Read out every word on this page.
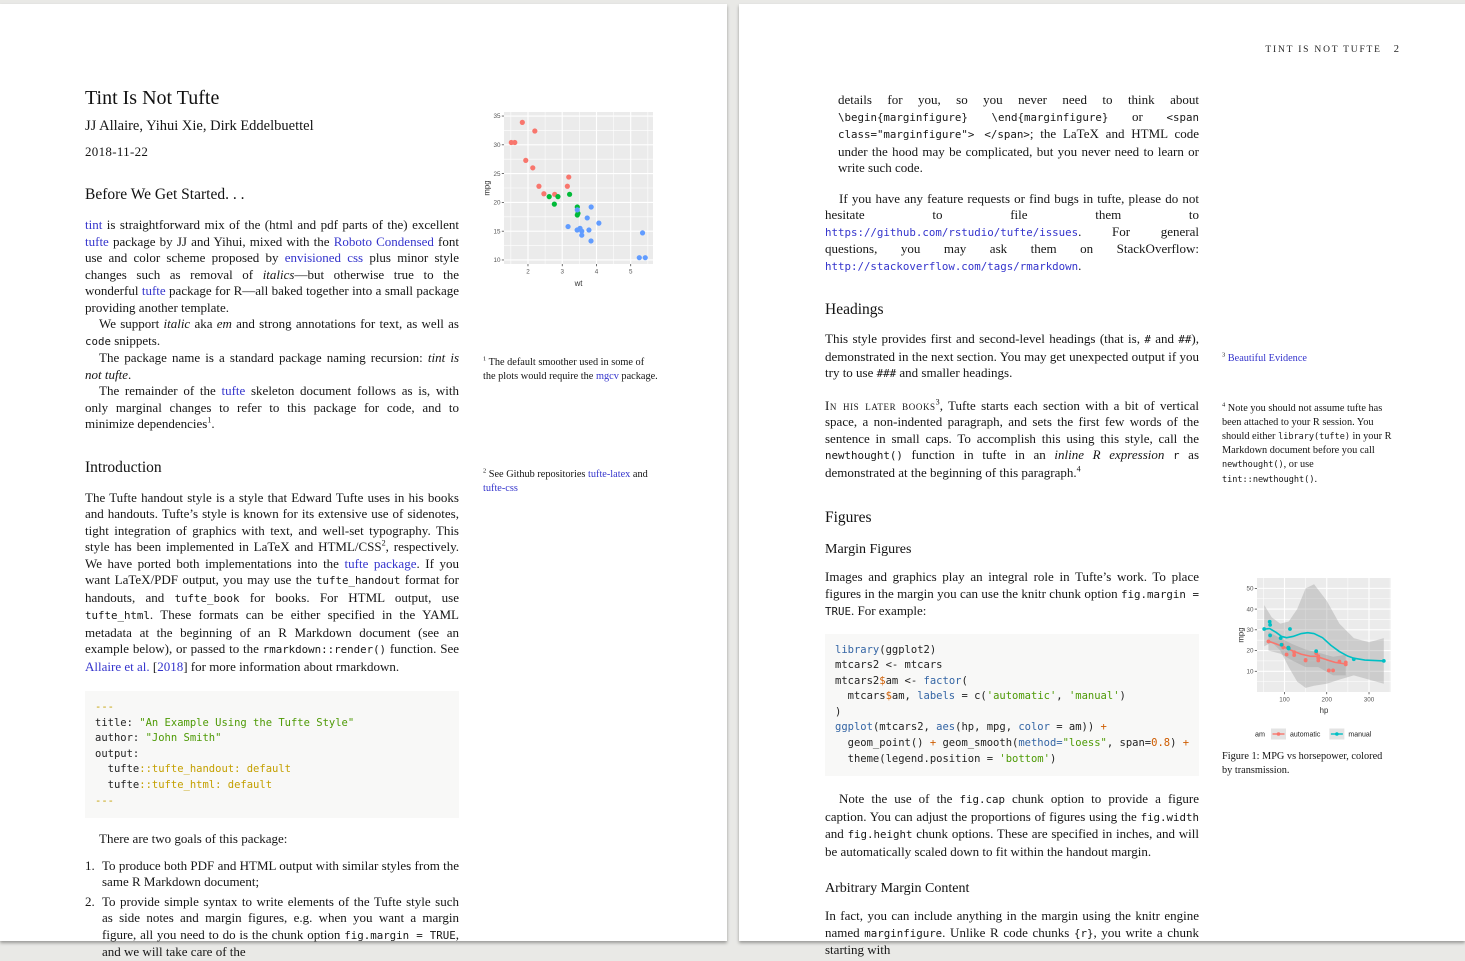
Tint Is Not Tufte
JJ Allaire, Yihui Xie, Dirk Eddelbuettel
2018-11-22
Before We Get Started. . .

tint is straightforward mix of the (html and pdf parts of the) excellent tufte package by JJ and Yihui, mixed with the Roboto Condensed font use and color scheme proposed by envisioned css plus minor style changes such as removal of italics—but otherwise true to the wonderful tufte package for R—all baked together into a small package providing another template.

We support italic aka em and strong annotations for text, as well as code snippets.

The package name is a standard package naming recursion: tint is not tufte.

The remainder of the tufte skeleton document follows as is, with only marginal changes to refer to this package for code, and to minimize dependencies$^1$.

Introduction

The Tufte handout style is a style that Edward Tufte uses in his books and handouts. Tufte’s style is known for its extensive use of sidenotes, tight integration of graphics with text, and well-set typography. This style has been implemented in LaTeX and HTML/CSS$^2$, respectively. We have ported both implementations into the tufte package. If you want LaTeX/PDF output, you may use the tufte_handout format for handouts, and tufte_book for books. For HTML output, use tufte_html. These formats can be either specified in the YAML metadata at the beginning of an R Markdown document (see an example below), or passed to the rmarkdown::render() function. See Allaire et al. [2018] for more information about rmarkdown.

---
title: "An Example Using the Tufte Style"
author: "John Smith"
output:
tufte::tufte_handout: default
tufte::tufte_html: default
---

There are two goals of this package:

1. To produce both PDF and HTML output with similar styles from the same R Markdown document;
2. To provide simple syntax to write elements of the Tufte style such as side notes and margin figures, e.g. when you want a margin figure, all you need to do is the chunk option fig.margin = TRUE, and we will take care of the
2	3	4	5
10
15
20
25
30
35
wt
mpg
$^1$ The default smoother used in some of the plots would require the mgcv package.
$^2$ See Github repositories tufte-latex and tufte-css
TINT IS NOT TUFTE 2

details for you, so you never need to think about \begin{marginfigure} \end{marginfigure} or <span class="marginfigure"> </span>; the LaTeX and HTML code under the hood may be complicated, but you never need to learn or write such code.

If you have any feature requests or find bugs in tufte, please do not hesitate to file them to https://github.com/rstudio/tufte/issues. For general questions, you may ask them on StackOverflow: http://stackoverflow.com/tags/rmarkdown.

Headings

This style provides first and second-level headings (that is, # and ##), demonstrated in the next section. You may get unexpected output if you try to use ### and smaller headings.

In his later books$^3$, Tufte starts each section with a bit of vertical space, a non-indented paragraph, and sets the first few words of the sentence in small caps. To accomplish this using this style, call the newthought() function in tufte in an inline R expression r as demonstrated at the beginning of this paragraph.$^4$

Figures
Margin Figures

Images and graphics play an integral role in Tufte’s work. To place figures in the margin you can use the knitr chunk option fig.margin = TRUE. For example:

library(ggplot2)
mtcars2 <- mtcars
mtcars2$am <- factor(
mtcars$am, labels = c('automatic', 'manual')
)
ggplot(mtcars2, aes(hp, mpg, color = am)) +
geom_point() + geom_smooth(method="loess", span=0.8) +
theme(legend.position = 'bottom')

Note the use of the fig.cap chunk option to provide a figure caption. You can adjust the proportions of figures using the fig.width and fig.height chunk options. These are specified in inches, and will be automatically scaled down to fit within the handout margin.

Arbitrary Margin Content

In fact, you can include anything in the margin using the knitr engine named marginfigure. Unlike R code chunks {r}, you write a chunk starting with

$^3$ Beautiful Evidence
$^4$ Note you should not assume tufte has been attached to your R session. You should either library(tufte) in your R Markdown document before you call newthought(), or use tint::newthought().
100	200	300
10
20
30
40
50
hp
mpg
am	automatic	manual
Figure 1: MPG vs horsepower, colored by transmission.
